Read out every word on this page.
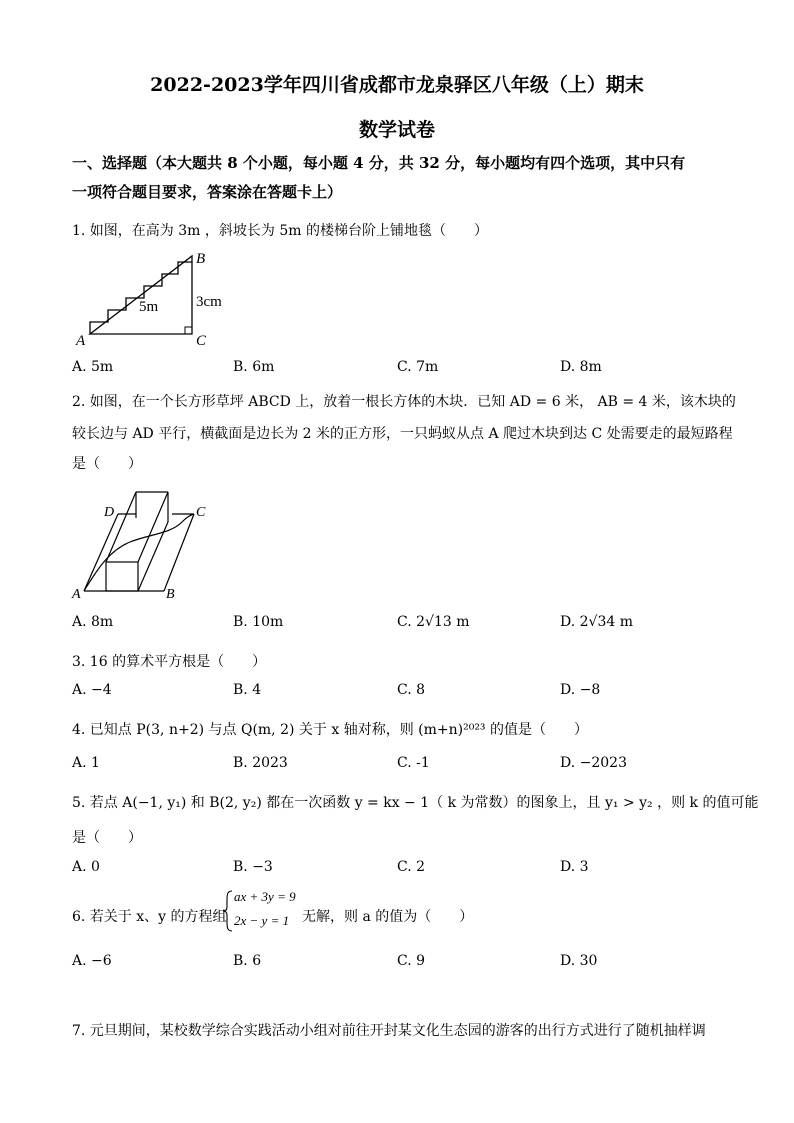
2022-2023学年四川省成都市龙泉驿区八年级（上）期末
数学试卷
一、选择题（本大题共 8 个小题，每小题 4 分，共 32 分，每小题均有四个选项，其中只有
一项符合题目要求，答案涂在答题卡上）
1. 如图，在高为 3m ，斜坡长为 5m 的楼梯台阶上铺地毯（　　）
A
B
C
5m	3cm
A. 5m	B. 6m	C. 7m	D. 8m
2. 如图，在一个长方形草坪 ABCD 上，放着一根长方体的木块．已知 AD = 6 米， AB = 4 米，该木块的
较长边与 AD 平行，横截面是边长为 2 米的正方形，一只蚂蚁从点 A 爬过木块到达 C 处需要走的最短路程
是（　　）
A	B
C
D
A. 8m	B. 10m	C. 2√13 m	D. 2√34 m
3. 16 的算术平方根是（　　）
A. −4	B. 4	C. 8	D. −8
4. 已知点 P(3, n+2) 与点 Q(m, 2) 关于 x 轴对称，则 (m+n)²⁰²³ 的值是（　　）
A. 1	B. 2023	C. -1	D. −2023
5. 若点 A(−1, y₁) 和 B(2, y₂) 都在一次函数 y = kx − 1（ k 为常数）的图象上，且 y₁ > y₂ ，则 k 的值可能
是（　　）
A. 0	B. −3	C. 2	D. 3
6. 若关于 x、y 的方程组
ax + 3y = 9
2x − y = 1 无解，则 a 的值为（　　）
A. −6	B. 6	C. 9	D. 30
7. 元旦期间，某校数学综合实践活动小组对前往开封某文化生态园的游客的出行方式进行了随机抽样调
